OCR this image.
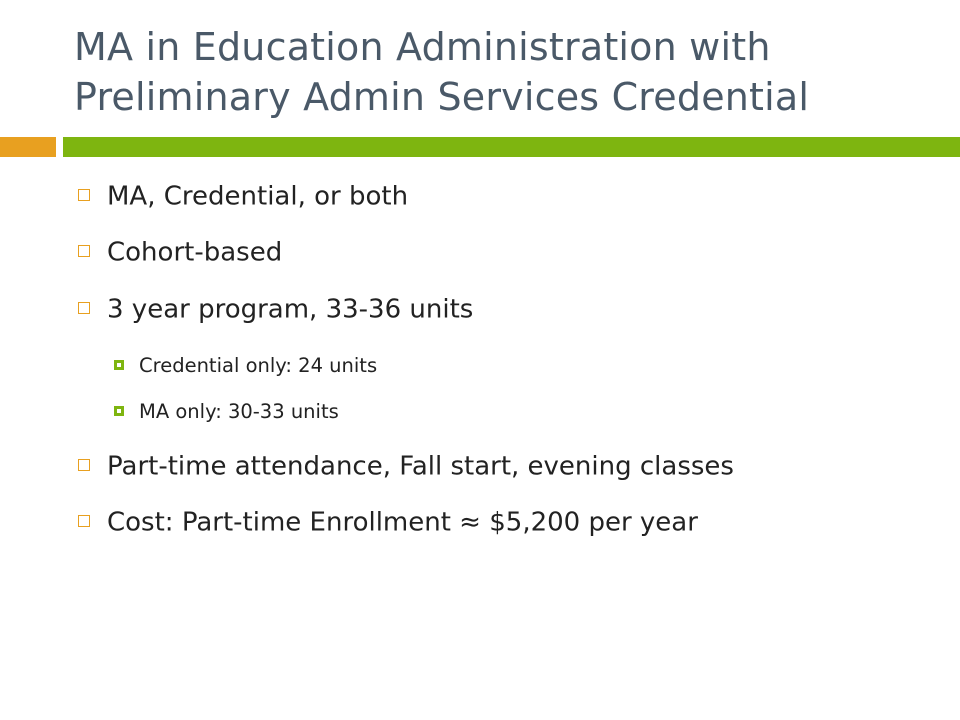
MA in Education Administration with
Preliminary Admin Services Credential
MA, Credential, or both
Cohort-based
3 year program, 33-36 units
Credential only: 24 units
MA only: 30-33 units
Part-time attendance, Fall start, evening classes
Cost: Part-time Enrollment ≈ $5,200 per year
